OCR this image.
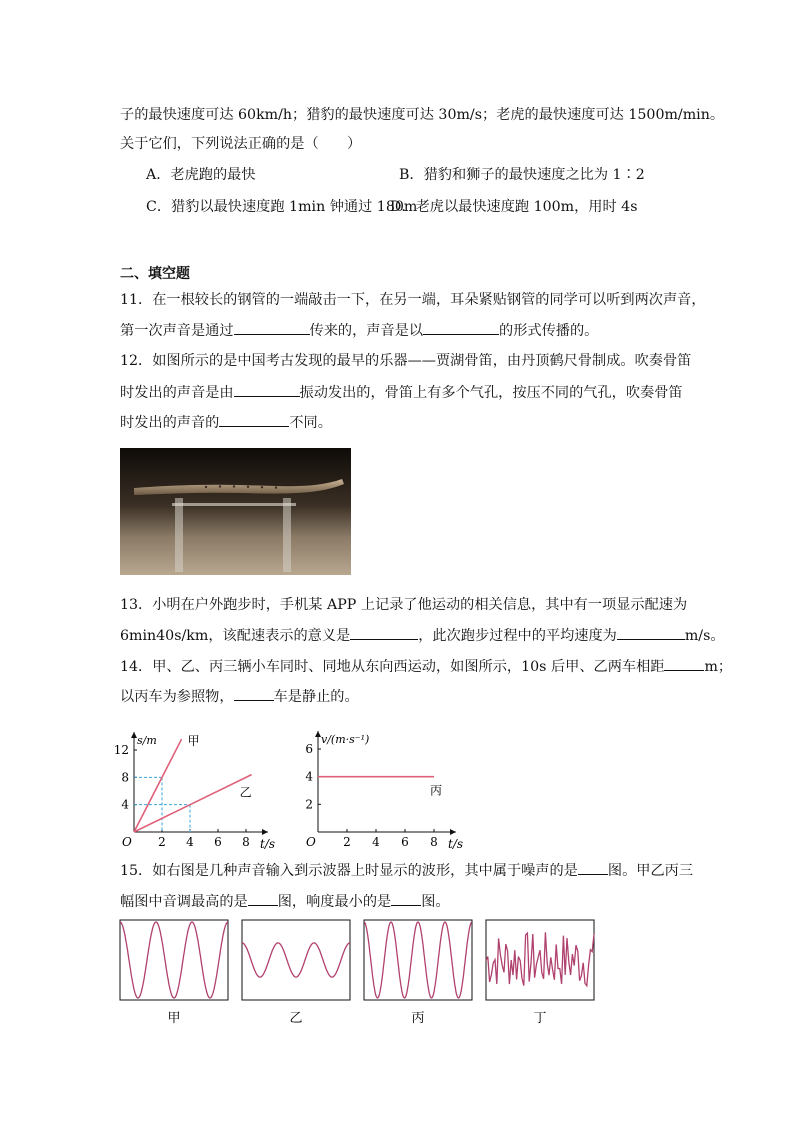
子的最快速度可达 60km/h；猎豹的最快速度可达 30m/s；老虎的最快速度可达 1500m/min。
关于它们，下列说法正确的是（　　）
A．老虎跑的最快	B．猎豹和狮子的最快速度之比为 1∶2
C．猎豹以最快速度跑 1min 钟通过 180m
D．老虎以最快速度跑 100m，用时 4s
二、填空题
11．在一根较长的钢管的一端敲击一下，在另一端，耳朵紧贴钢管的同学可以听到两次声音，
第一次声音是通过	传来的，声音是以	的形式传播的。
12．如图所示的是中国考古发现的最早的乐器——贾湖骨笛，由丹顶鹤尺骨制成。吹奏骨笛
时发出的声音是由	振动发出的，骨笛上有多个气孔，按压不同的气孔，吹奏骨笛
时发出的声音的	不同。
13．小明在户外跑步时，手机某 APP 上记录了他运动的相关信息，其中有一项显示配速为
6min40s/km，该配速表示的意义是	，此次跑步过程中的平均速度为	m/s。
14．甲、乙、丙三辆小车同时、同地从东向西运动，如图所示，10s 后甲、乙两车相距	m；
以丙车为参照物，	车是静止的。
t/s
s/m
O 2 4 6 8
4
8
12
甲
乙
t/s
v/(m·s⁻¹)
O 2 4 6 8
2
4
6
丙
15．如右图是几种声音输入到示波器上时显示的波形，其中属于噪声的是 图。甲乙丙三
幅图中音调最高的是 图，响度最小的是 图。
甲	乙	丙	丁
